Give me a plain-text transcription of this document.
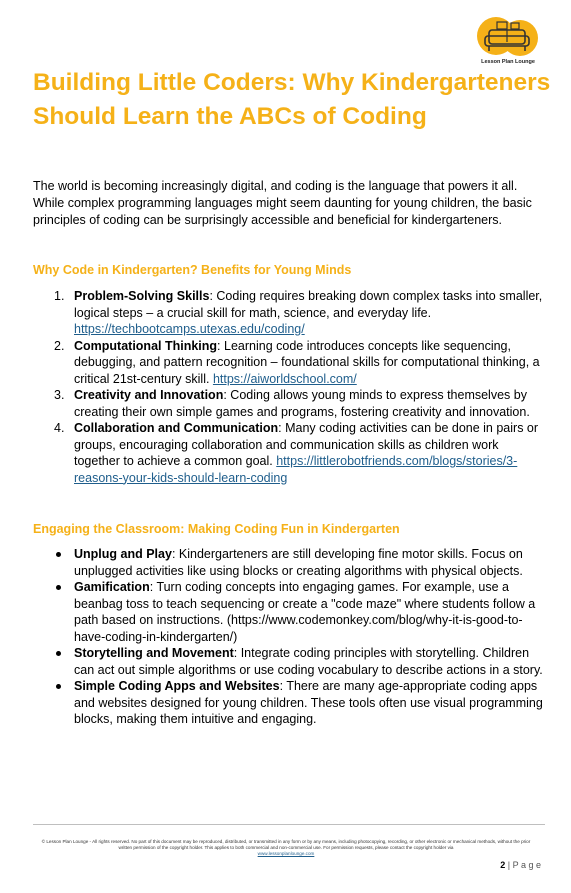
Lesson Plan Lounge
Building Little Coders: Why Kindergarteners Should Learn the ABCs of Coding

The world is becoming increasingly digital, and coding is the language that powers it all. While complex programming languages might seem daunting for young children, the basic principles of coding can be surprisingly accessible and beneficial for kindergarteners.

Why Code in Kindergarten? Benefits for Young Minds
Problem-Solving Skills: Coding requires breaking down complex tasks into smaller, logical steps – a crucial skill for math, science, and everyday life. https://techbootcamps.utexas.edu/coding/
Computational Thinking: Learning code introduces concepts like sequencing, debugging, and pattern recognition – foundational skills for computational thinking, a critical 21st-century skill. https://aiworldschool.com/
Creativity and Innovation: Coding allows young minds to express themselves by creating their own simple games and programs, fostering creativity and innovation.
Collaboration and Communication: Many coding activities can be done in pairs or groups, encouraging collaboration and communication skills as children work together to achieve a common goal. https://littlerobotfriends.com/blogs/stories/3-reasons-your-kids-should-learn-coding
Engaging the Classroom: Making Coding Fun in Kindergarten
Unplug and Play: Kindergarteners are still developing fine motor skills. Focus on unplugged activities like using blocks or creating algorithms with physical objects.
Gamification: Turn coding concepts into engaging games. For example, use a beanbag toss to teach sequencing or create a "code maze" where students follow a path based on instructions. (https://www.codemonkey.com/blog/why-it-is-good-to-have-coding-in-kindergarten/)
Storytelling and Movement: Integrate coding principles with storytelling. Children can act out simple algorithms or use coding vocabulary to describe actions in a story.
Simple Coding Apps and Websites: There are many age-appropriate coding apps and websites designed for young children. These tools often use visual programming blocks, making them intuitive and engaging.
© Lesson Plan Lounge - All rights reserved. No part of this document may be reproduced, distributed, or transmitted in any form or by any means, including photocopying, recording, or other electronic or mechanical methods, without the prior written permission of the copyright holder. This applies to both commercial and non-commercial use. For permission requests, please contact the copyright holder via
www.lessonplanlounge.com
2 | P a g e
